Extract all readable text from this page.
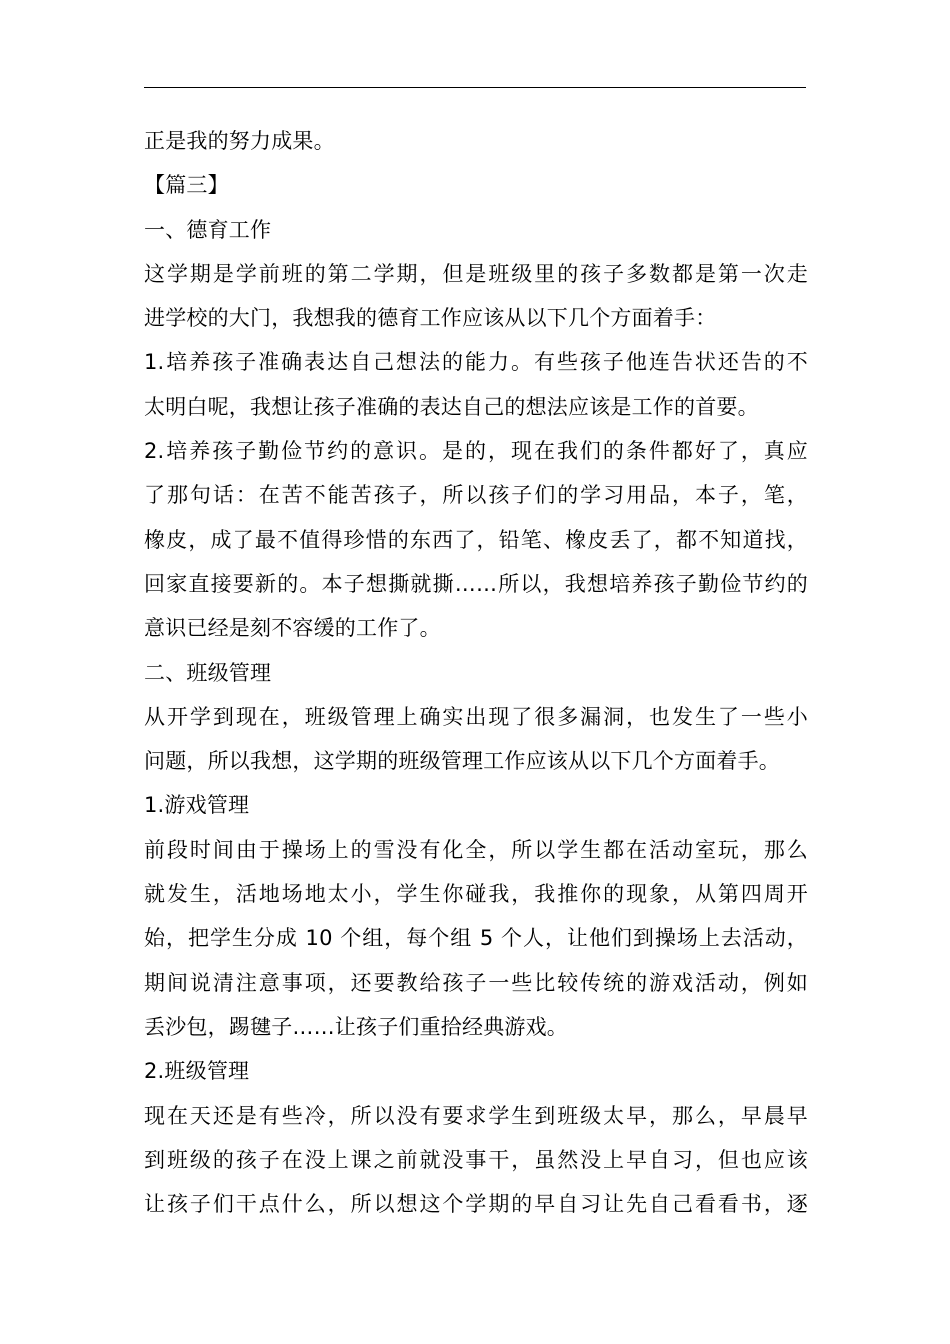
正是我的努力成果。
【篇三】
一、德育工作
这学期是学前班的第二学期，但是班级里的孩子多数都是第一次走
进学校的大门，我想我的德育工作应该从以下几个方面着手：
1.培养孩子准确表达自己想法的能力。有些孩子他连告状还告的不
太明白呢，我想让孩子准确的表达自己的想法应该是工作的首要。
2.培养孩子勤俭节约的意识。是的，现在我们的条件都好了，真应
了那句话：在苦不能苦孩子，所以孩子们的学习用品，本子，笔，
橡皮，成了最不值得珍惜的东西了，铅笔、橡皮丢了，都不知道找，
回家直接要新的。本子想撕就撕……所以，我想培养孩子勤俭节约的
意识已经是刻不容缓的工作了。
二、班级管理
从开学到现在，班级管理上确实出现了很多漏洞，也发生了一些小
问题，所以我想，这学期的班级管理工作应该从以下几个方面着手。
1.游戏管理
前段时间由于操场上的雪没有化全，所以学生都在活动室玩，那么
就发生，活地场地太小，学生你碰我，我推你的现象，从第四周开
始，把学生分成 10 个组，每个组 5 个人，让他们到操场上去活动，
期间说清注意事项，还要教给孩子一些比较传统的游戏活动，例如
丢沙包，踢毽子……让孩子们重拾经典游戏。
2.班级管理
现在天还是有些冷，所以没有要求学生到班级太早，那么，早晨早
到班级的孩子在没上课之前就没事干，虽然没上早自习，但也应该
让孩子们干点什么，所以想这个学期的早自习让先自己看看书，逐
